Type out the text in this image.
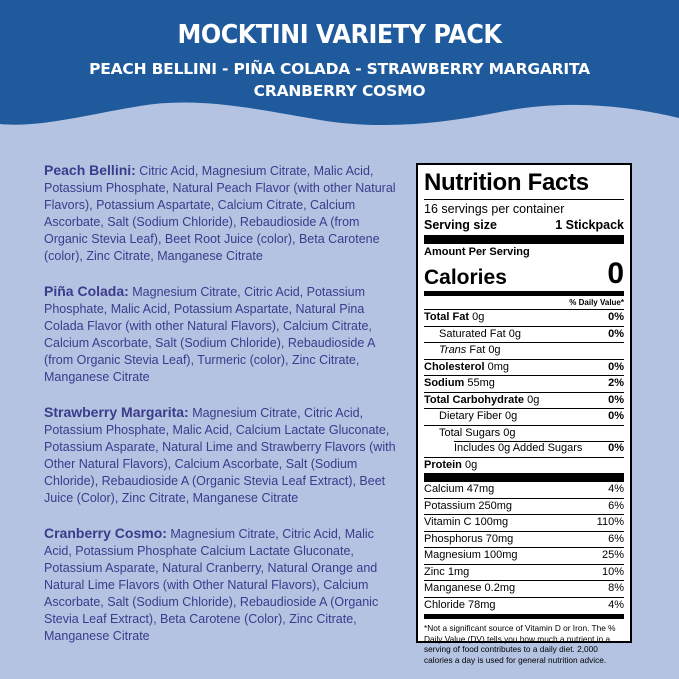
MOCKTINI VARIETY PACK
PEACH BELLINI - PIÑA COLADA - STRAWBERRY MARGARITA
CRANBERRY COSMO

Peach Bellini: Citric Acid, Magnesium Citrate, Malic Acid, Potassium Phosphate, Natural Peach Flavor (with other Natural Flavors), Potassium Aspartate, Calcium Citrate, Calcium Ascorbate, Salt (Sodium Chloride), Rebaudioside A (from Organic Stevia Leaf), Beet Root Juice (color), Beta Carotene (color), Zinc Citrate, Manganese Citrate

Piña Colada: Magnesium Citrate, Citric Acid, Potassium Phosphate, Malic Acid, Potassium Aspartate, Natural Pina Colada Flavor (with other Natural Flavors), Calcium Citrate, Calcium Ascorbate, Salt (Sodium Chloride), Rebaudioside A (from Organic Stevia Leaf), Turmeric (color), Zinc Citrate, Manganese Citrate

Strawberry Margarita: Magnesium Citrate, Citric Acid, Potassium Phosphate, Malic Acid, Calcium Lactate Gluconate, Potassium Asparate, Natural Lime and Strawberry Flavors (with Other Natural Flavors), Calcium Ascorbate, Salt (Sodium Chloride), Rebaudioside A (Organic Stevia Leaf Extract), Beet Juice (Color), Zinc Citrate, Manganese Citrate

Cranberry Cosmo: Magnesium Citrate, Citric Acid, Malic Acid, Potassium Phosphate Calcium Lactate Gluconate, Potassium Asparate, Natural Cranberry, Natural Orange and Natural Lime Flavors (with Other Natural Flavors), Calcium Ascorbate, Salt (Sodium Chloride), Rebaudioside A (Organic Stevia Leaf Extract), Beta Carotene (Color), Zinc Citrate, Manganese Citrate

Nutrition Facts
16 servings per container
Serving size	1 Stickpack
Amount Per Serving
Calories	0
% Daily Value*
Total Fat 0g	0%
Saturated Fat 0g	0%
Trans Fat 0g
Cholesterol 0mg	0%
Sodium 55mg	2%
Total Carbohydrate 0g	0%
Dietary Fiber 0g	0%
Total Sugars 0g
Includes 0g Added Sugars 0%
Protein 0g
Calcium 47mg	4%
Potassium 250mg	6%
Vitamin C 100mg	110%
Phosphorus 70mg	6%
Magnesium 100mg	25%
Zinc 1mg	10%
Manganese 0.2mg	8%
Chloride 78mg	4%
*Not a significant source of Vitamin D or Iron. The % Daily Value (DV) tells you how much a nutrient in a serving of food contributes to a daily diet. 2,000 calories a day is used for general nutrition advice.
